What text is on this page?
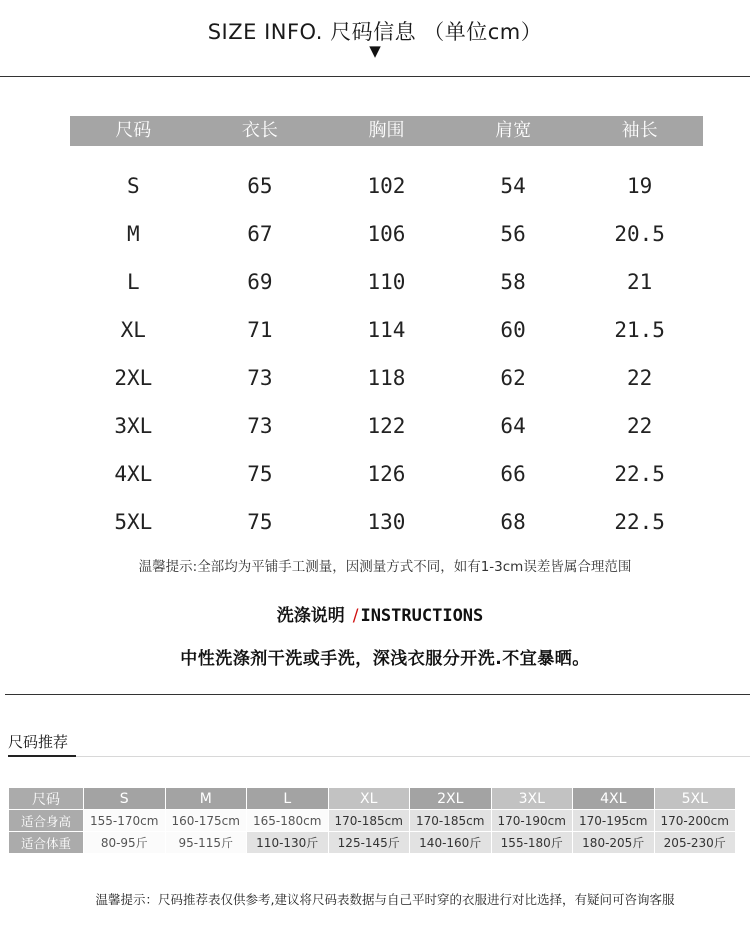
SIZE INFO. 尺码信息 （单位cm）
▼
尺码	衣长	胸围	肩宽	袖长
S	65	102	54	19
M	67	106	56	20.5
L	69	110	58	21
XL	71	114	60	21.5
2XL	73	118	62	22
3XL	73	122	64	22
4XL	75	126	66	22.5
5XL	75	130	68	22.5
温馨提示:全部均为平铺手工测量，因测量方式不同，如有1-3cm误差皆属合理范围
洗涤说明 / INSTRUCTIONS
中性洗涤剂干洗或手洗，深浅衣服分开洗.不宜暴晒。
尺码推荐
尺码	S	M	L	XL	2XL	3XL	4XL	5XL
适合身高	155-170cm	160-175cm	165-180cm	170-185cm	170-185cm	170-190cm	170-195cm	170-200cm
适合体重	80-95斤	95-115斤	110-130斤	125-145斤	140-160斤	155-180斤	180-205斤	205-230斤
温馨提示：尺码推荐表仅供参考,建议将尺码表数据与自己平时穿的衣服进行对比选择，有疑问可咨询客服
